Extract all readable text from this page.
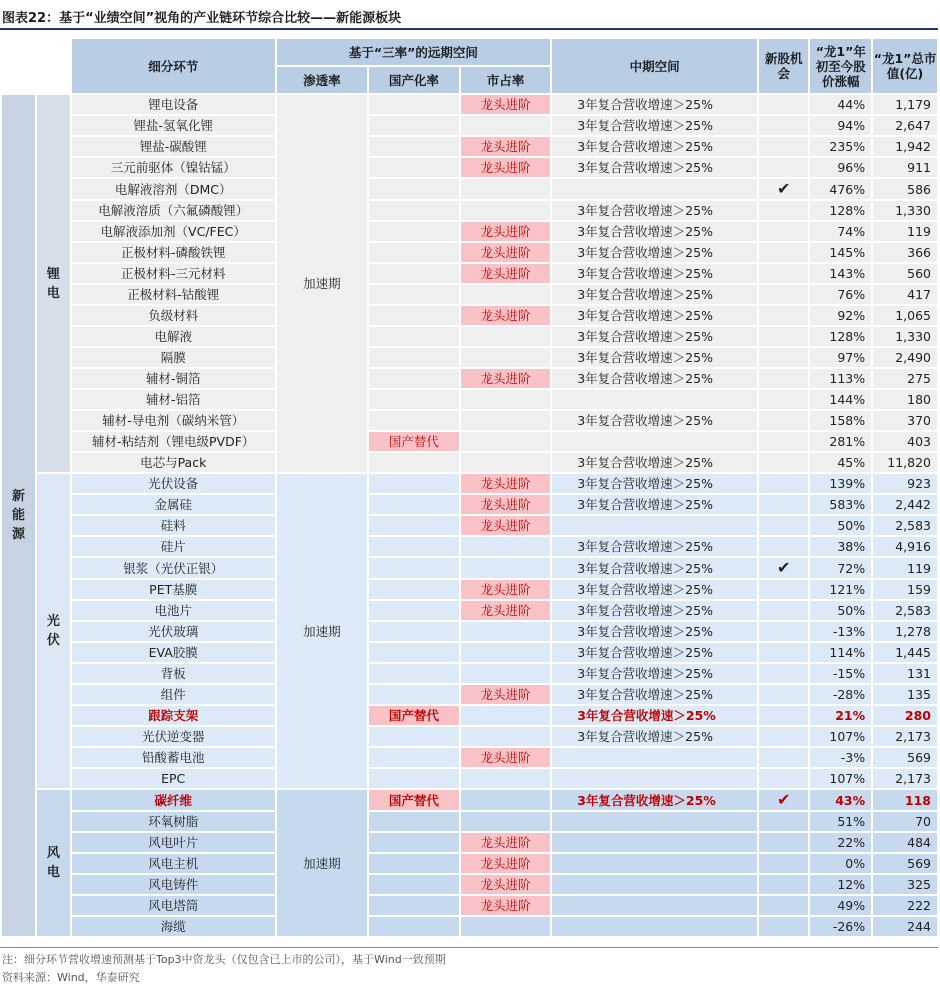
图表22：基于“业绩空间”视角的产业链环节综合比较——新能源板块
		细分环节	基于“三率”的远期空间			中期空间	新股机会	“龙1”年初至今股价涨幅	“龙1”总市值(亿)
			渗透率	国产化率	市占率				
新
能
源	锂
电	锂电设备	加速期		龙头进阶	3年复合营收增速＞25%		44%	1,179
		锂盐-氢氧化锂				3年复合营收增速＞25%		94%	2,647
		锂盐-碳酸锂			龙头进阶	3年复合营收增速＞25%		235%	1,942
		三元前驱体（镍钴锰）			龙头进阶	3年复合营收增速＞25%		96%	911
		电解液溶剂（DMC）					✔	476%	586
		电解液溶质（六氟磷酸锂）				3年复合营收增速＞25%		128%	1,330
		电解液添加剂（VC/FEC）			龙头进阶	3年复合营收增速＞25%		74%	119
		正极材料-磷酸铁锂			龙头进阶	3年复合营收增速＞25%		145%	366
		正极材料-三元材料			龙头进阶	3年复合营收增速＞25%		143%	560
		正极材料-钴酸锂				3年复合营收增速＞25%		76%	417
		负级材料			龙头进阶	3年复合营收增速＞25%		92%	1,065
		电解液				3年复合营收增速＞25%		128%	1,330
		隔膜				3年复合营收增速＞25%		97%	2,490
		辅材-铜箔			龙头进阶	3年复合营收增速＞25%		113%	275
		辅材-铝箔						144%	180
		辅材-导电剂（碳纳米管）				3年复合营收增速＞25%		158%	370
		辅材-粘结剂（锂电级PVDF）		国产替代				281%	403
		电芯与Pack				3年复合营收增速＞25%		45%	11,820
	光
伏	光伏设备	加速期		龙头进阶	3年复合营收增速＞25%		139%	923
		金属硅			龙头进阶	3年复合营收增速＞25%		583%	2,442
		硅料			龙头进阶			50%	2,583
		硅片				3年复合营收增速＞25%		38%	4,916
		银浆（光伏正银）				3年复合营收增速＞25%	✔	72%	119
		PET基膜			龙头进阶	3年复合营收增速＞25%		121%	159
		电池片			龙头进阶	3年复合营收增速＞25%		50%	2,583
		光伏玻璃				3年复合营收增速＞25%		-13%	1,278
		EVA胶膜				3年复合营收增速＞25%		114%	1,445
		背板				3年复合营收增速＞25%		-15%	131
		组件			龙头进阶	3年复合营收增速＞25%		-28%	135
		跟踪支架		国产替代		3年复合营收增速＞25%		21%	280
		光伏逆变器				3年复合营收增速＞25%		107%	2,173
		铅酸蓄电池			龙头进阶			-3%	569
		EPC						107%	2,173
	风
电	碳纤维	加速期	国产替代		3年复合营收增速＞25%	✔	43%	118
		环氧树脂						51%	70
		风电叶片			龙头进阶			22%	484
		风电主机			龙头进阶			0%	569
		风电铸件			龙头进阶			12%	325
		风电塔筒			龙头进阶			49%	222
		海缆						-26%	244
注：细分环节营收增速预测基于Top3中资龙头（仅包含已上市的公司），基于Wind一致预期
资料来源：Wind，华泰研究
